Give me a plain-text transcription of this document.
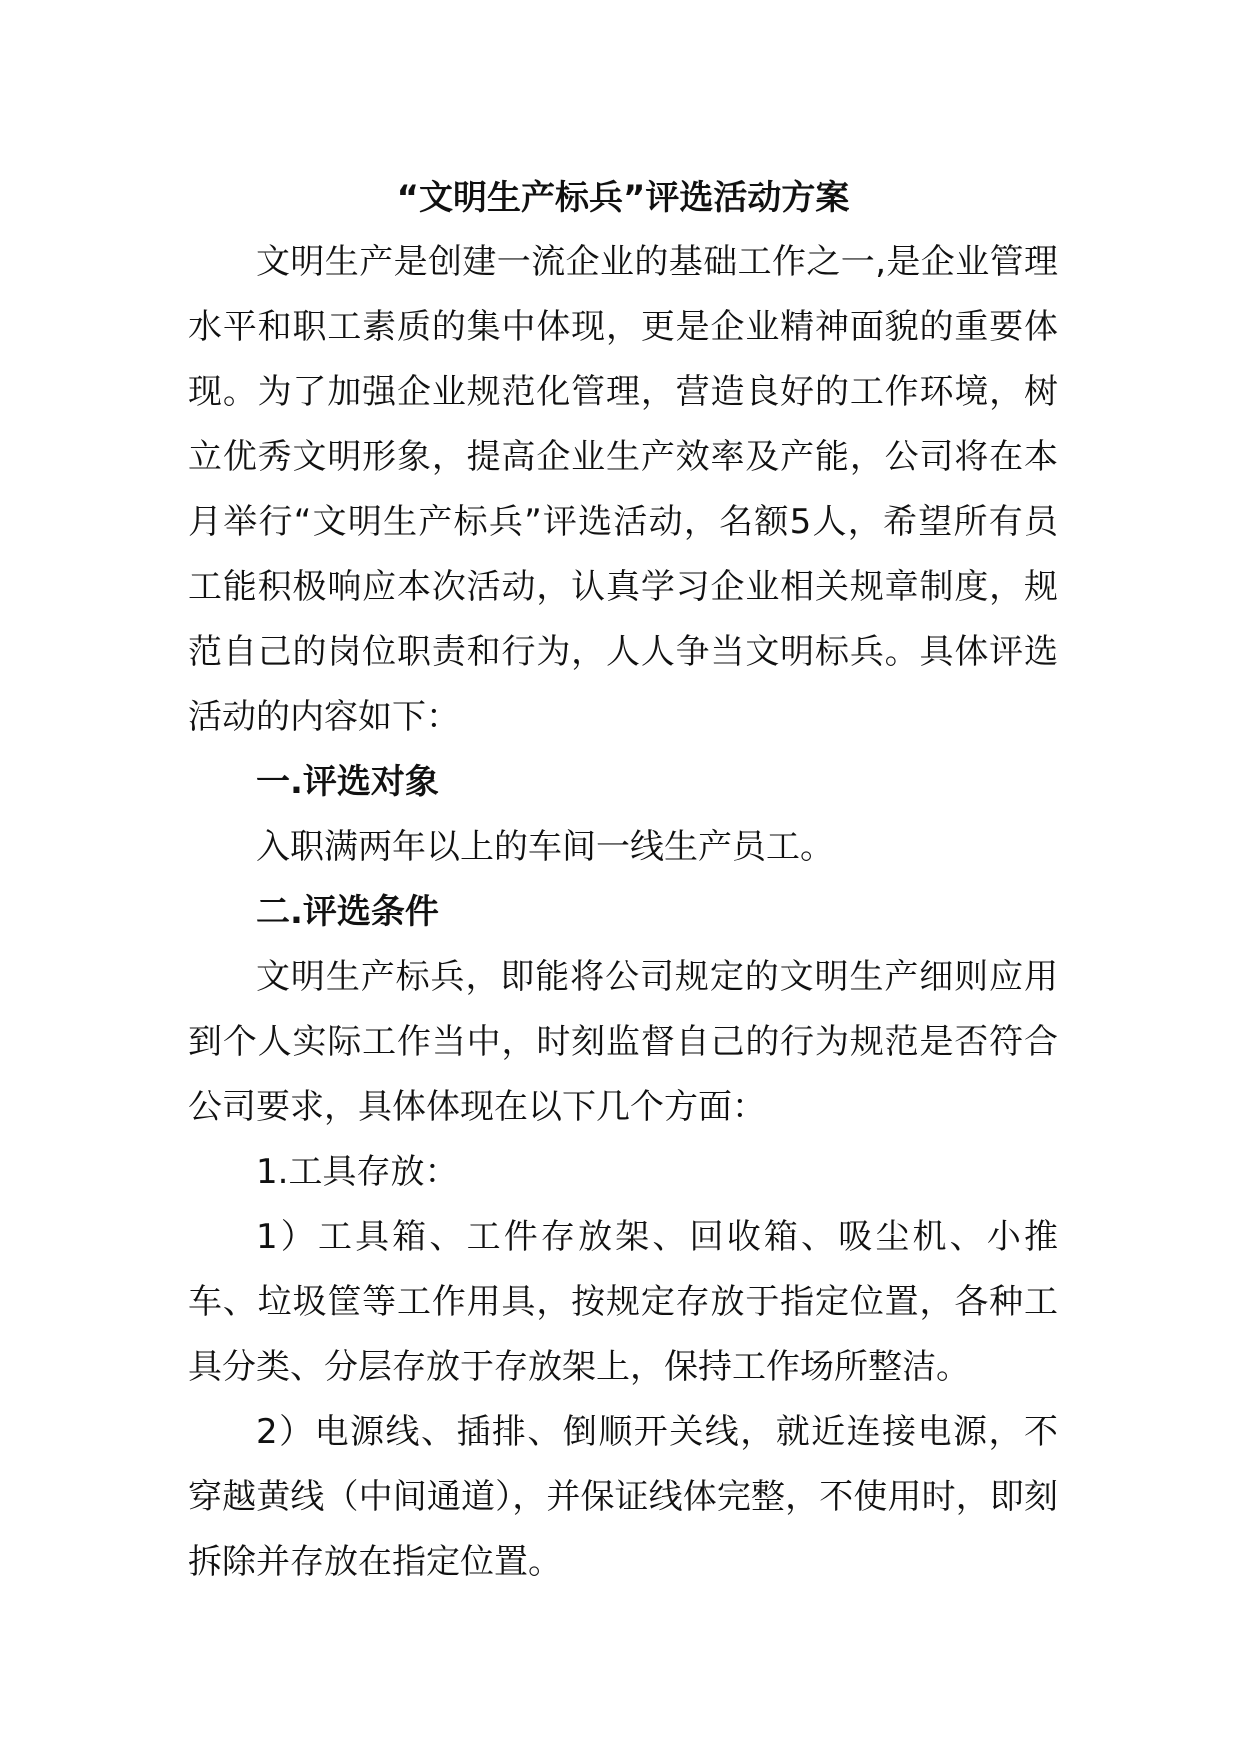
“文明生产标兵”评选活动方案

文明生产是创建一流企业的基础工作之一,是企业管理水平和职工素质的集中体现，更是企业精神面貌的重要体现。为了加强企业规范化管理，营造良好的工作环境，树立优秀文明形象，提高企业生产效率及产能，公司将在本月举行“文明生产标兵”评选活动，名额5人，希望所有员工能积极响应本次活动，认真学习企业相关规章制度，规范自己的岗位职责和行为，人人争当文明标兵。具体评选活动的内容如下：

一.评选对象

入职满两年以上的车间一线生产员工。

二.评选条件

文明生产标兵，即能将公司规定的文明生产细则应用到个人实际工作当中，时刻监督自己的行为规范是否符合公司要求，具体体现在以下几个方面：

1.工具存放：

1）工具箱、工件存放架、回收箱、吸尘机、小推车、垃圾筐等工作用具，按规定存放于指定位置，各种工具分类、分层存放于存放架上，保持工作场所整洁。

2）电源线、插排、倒顺开关线，就近连接电源，不穿越黄线（中间通道），并保证线体完整，不使用时，即刻拆除并存放在指定位置。
